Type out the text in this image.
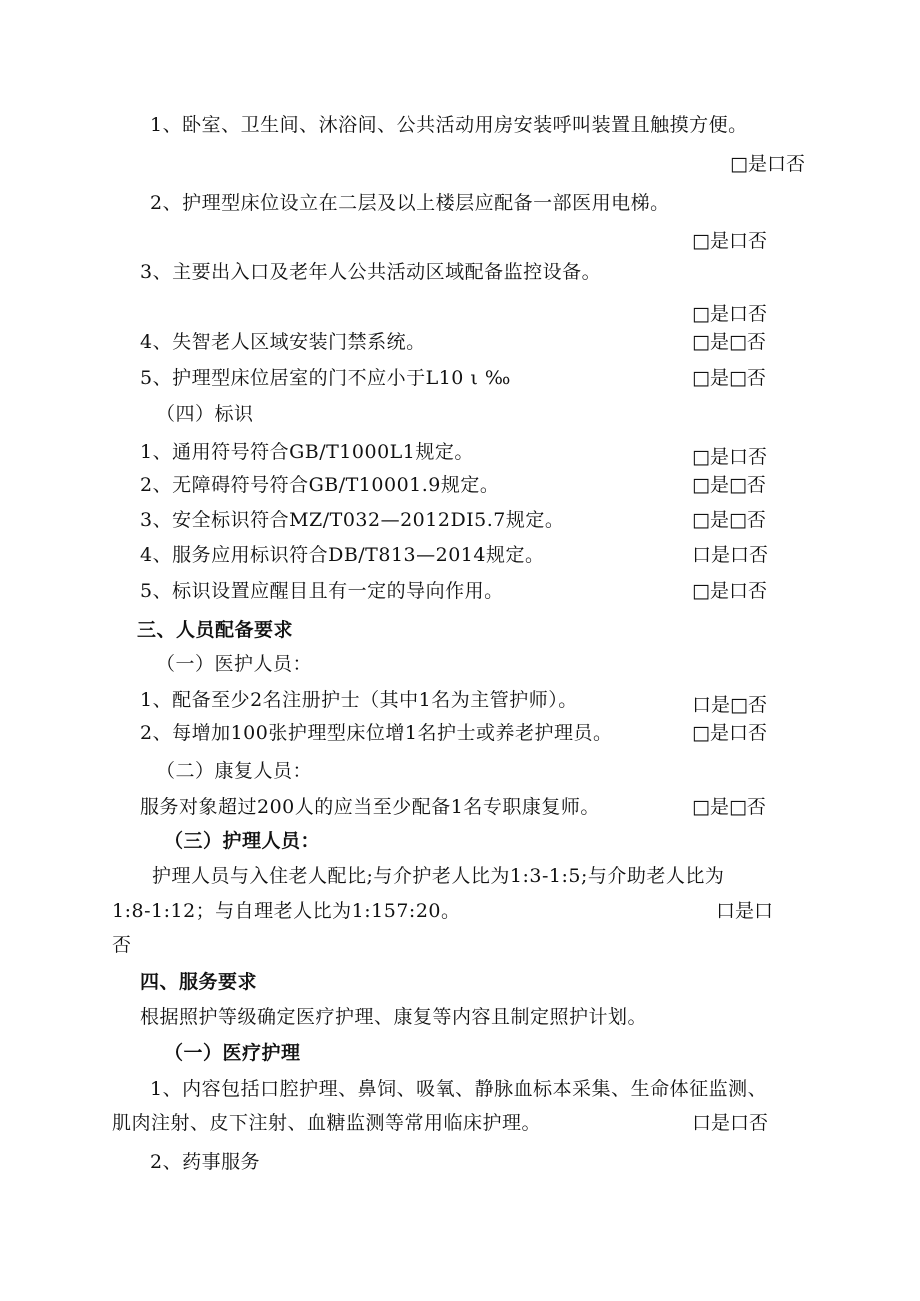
1、卧室、卫生间、沐浴间、公共活动用房安装呼叫装置且触摸方便。
□是口否
2、护理型床位设立在二层及以上楼层应配备一部医用电梯。
□是口否
3、主要出入口及老年人公共活动区域配备监控设备。
□是口否
4、失智老人区域安装门禁系统。	□是□否
5、护理型床位居室的门不应小于L10 ι ‰	□是□否
（四）标识
1、通用符号符合GB/T1000L1规定。	□是口否
2、无障碍符号符合GB/T10001.9规定。	□是□否
3、安全标识符合MZ/T032—2012DI5.7规定。	□是□否
4、服务应用标识符合DB/T813—2014规定。	口是口否
5、标识设置应醒目且有一定的导向作用。	□是口否
三、人员配备要求
（一）医护人员：
1、配备至少2名注册护士（其中1名为主管护师）。	口是□否
2、每增加100张护理型床位增1名护士或养老护理员。	□是口否
（二）康复人员：
服务对象超过200人的应当至少配备1名专职康复师。	□是□否
（三）护理人员：
护理人员与入住老人配比;与介护老人比为1:3-1:5;与介助老人比为
1:8-1:12；与自理老人比为1:157:20。	口是口
否
四、服务要求
根据照护等级确定医疗护理、康复等内容且制定照护计划。
（一）医疗护理
1、内容包括口腔护理、鼻饲、吸氧、静脉血标本采集、生命体征监测、
肌肉注射、皮下注射、血糖监测等常用临床护理。	口是口否
2、药事服务
